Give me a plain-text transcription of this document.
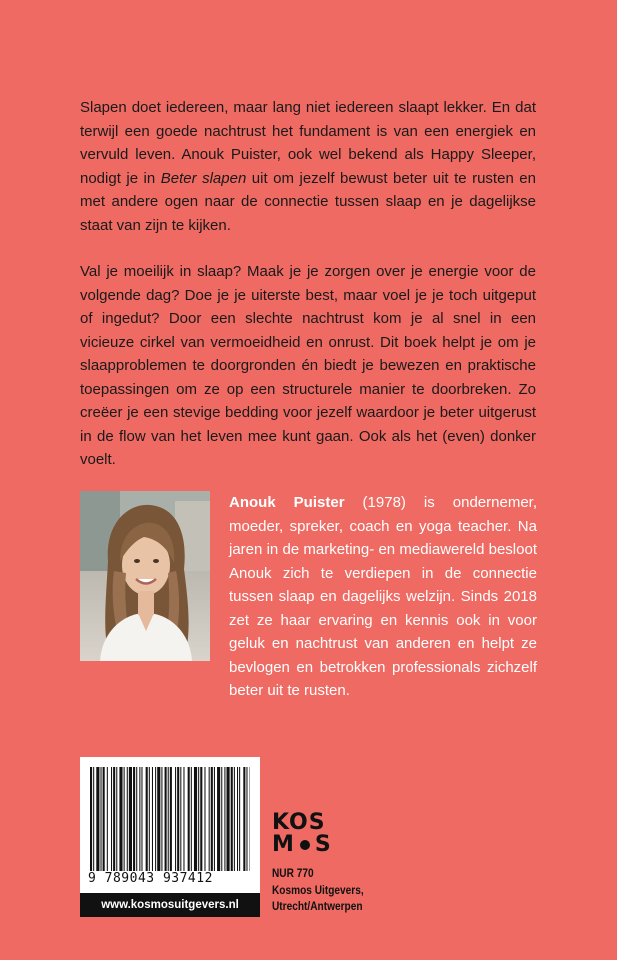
Slapen doet iedereen, maar lang niet iedereen slaapt lekker. En dat terwijl een goede nachtrust het fundament is van een energiek en vervuld leven. Anouk Puister, ook wel bekend als Happy Sleeper, nodigt je in Beter slapen uit om jezelf bewust beter uit te rusten en met andere ogen naar de connectie tussen slaap en je dagelijkse staat van zijn te kijken.

Val je moeilijk in slaap? Maak je je zorgen over je energie voor de volgende dag? Doe je je uiterste best, maar voel je je toch uitgeput of ingedut? Door een slechte nachtrust kom je al snel in een vicieuze cirkel van vermoeidheid en onrust. Dit boek helpt je om je slaapproblemen te doorgronden én biedt je bewezen en praktische toepassingen om ze op een structurele manier te doorbreken. Zo creëer je een stevige bedding voor jezelf waardoor je beter uitgerust in de flow van het leven mee kunt gaan. Ook als het (even) donker voelt.

Anouk Puister (1978) is ondernemer, moeder, spreker, coach en yoga teacher. Na jaren in de marketing- en mediawereld besloot Anouk zich te verdiepen in de connectie tussen slaap en dagelijks welzijn. Sinds 2018 zet ze haar ervaring en kennis ook in voor geluk en nachtrust van anderen en helpt ze bevlogen en betrokken professionals zichzelf beter uit te rusten.

9 789043 937412
www.kosmosuitgevers.nl
KOS
M S
NUR 770
Kosmos Uitgevers,
Utrecht/Antwerpen
